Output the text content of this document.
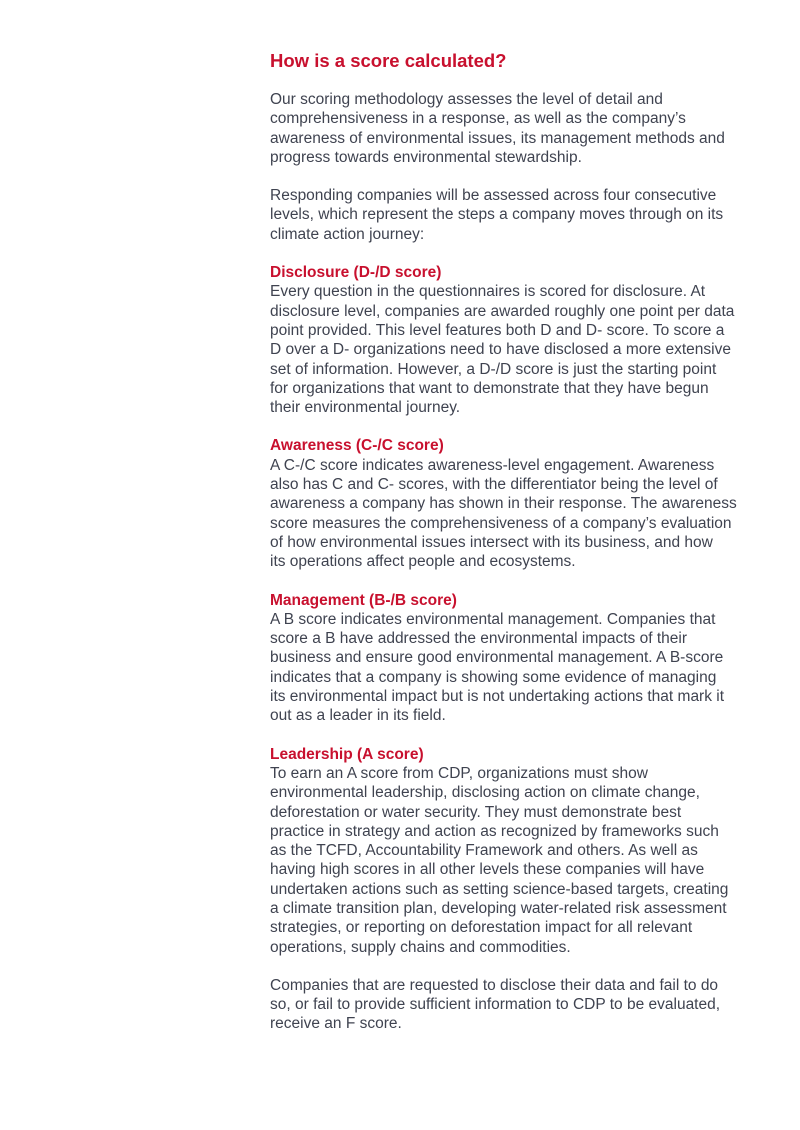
How is a score calculated?

Our scoring methodology assesses the level of detail and
comprehensiveness in a response, as well as the company’s
awareness of environmental issues, its management methods and
progress towards environmental stewardship.

Responding companies will be assessed across four consecutive
levels, which represent the steps a company moves through on its
climate action journey:

Disclosure (D-/D score)
Every question in the questionnaires is scored for disclosure. At
disclosure level, companies are awarded roughly one point per data
point provided. This level features both D and D- score. To score a
D over a D- organizations need to have disclosed a more extensive
set of information. However, a D-/D score is just the starting point
for organizations that want to demonstrate that they have begun
their environmental journey.
Awareness (C-/C score)
A C-/C score indicates awareness-level engagement. Awareness
also has C and C- scores, with the differentiator being the level of
awareness a company has shown in their response. The awareness
score measures the comprehensiveness of a company’s evaluation
of how environmental issues intersect with its business, and how
its operations affect people and ecosystems.
Management (B-/B score)
A B score indicates environmental management. Companies that
score a B have addressed the environmental impacts of their
business and ensure good environmental management. A B-score
indicates that a company is showing some evidence of managing
its environmental impact but is not undertaking actions that mark it
out as a leader in its field.
Leadership (A score)
To earn an A score from CDP, organizations must show
environmental leadership, disclosing action on climate change,
deforestation or water security. They must demonstrate best
practice in strategy and action as recognized by frameworks such
as the TCFD, Accountability Framework and others. As well as
having high scores in all other levels these companies will have
undertaken actions such as setting science-based targets, creating
a climate transition plan, developing water-related risk assessment
strategies, or reporting on deforestation impact for all relevant
operations, supply chains and commodities.

Companies that are requested to disclose their data and fail to do
so, or fail to provide sufficient information to CDP to be evaluated,
receive an F score.
